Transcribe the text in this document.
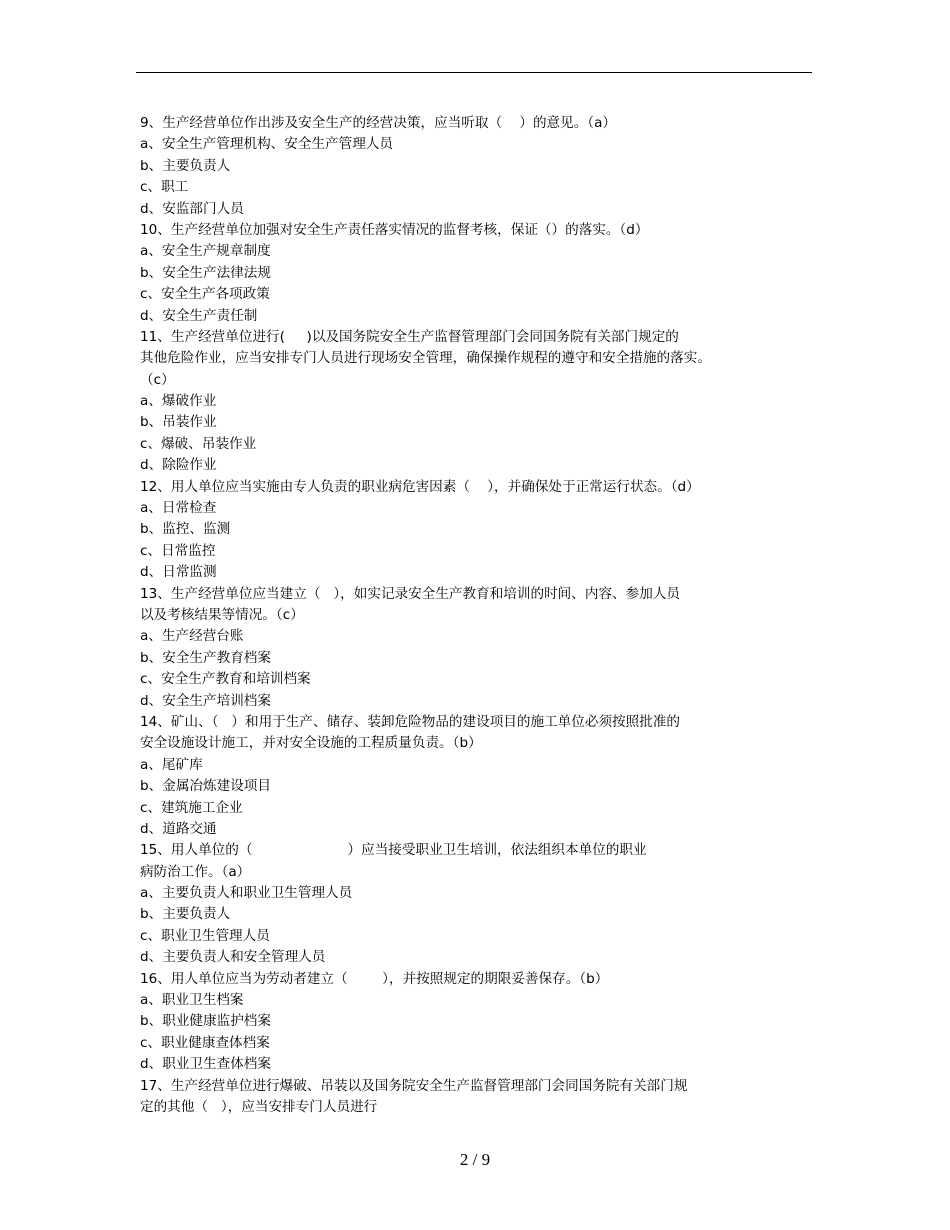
9、生产经营单位作出涉及安全生产的经营决策，应当听取（    ）的意见。（a）
a、安全生产管理机构、安全生产管理人员
b、主要负责人
c、职工
d、安监部门人员
10、生产经营单位加强对安全生产责任落实情况的监督考核，保证（）的落实。（d）
a、安全生产规章制度
b、安全生产法律法规
c、安全生产各项政策
d、安全生产责任制
11、生产经营单位进行(     )以及国务院安全生产监督管理部门会同国务院有关部门规定的
其他危险作业，应当安排专门人员进行现场安全管理，确保操作规程的遵守和安全措施的落实。
（c）
a、爆破作业
b、吊装作业
c、爆破、吊装作业
d、除险作业
12、用人单位应当实施由专人负责的职业病危害因素（    ），并确保处于正常运行状态。（d）
a、日常检查
b、监控、监测
c、日常监控
d、日常监测
13、生产经营单位应当建立（   ），如实记录安全生产教育和培训的时间、内容、参加人员
以及考核结果等情况。（c）
a、生产经营台账
b、安全生产教育档案
c、安全生产教育和培训档案
d、安全生产培训档案
14、矿山、（   ）和用于生产、储存、装卸危险物品的建设项目的施工单位必须按照批准的
安全设施设计施工，并对安全设施的工程质量负责。（b）
a、尾矿库
b、金属冶炼建设项目
c、建筑施工企业
d、道路交通
15、用人单位的（                      ）应当接受职业卫生培训，依法组织本单位的职业
病防治工作。（a）
a、主要负责人和职业卫生管理人员
b、主要负责人
c、职业卫生管理人员
d、主要负责人和安全管理人员
16、用人单位应当为劳动者建立（        ），并按照规定的期限妥善保存。（b）
a、职业卫生档案
b、职业健康监护档案
c、职业健康查体档案
d、职业卫生查体档案
17、生产经营单位进行爆破、吊装以及国务院安全生产监督管理部门会同国务院有关部门规
定的其他（   ），应当安排专门人员进行
2 / 9
